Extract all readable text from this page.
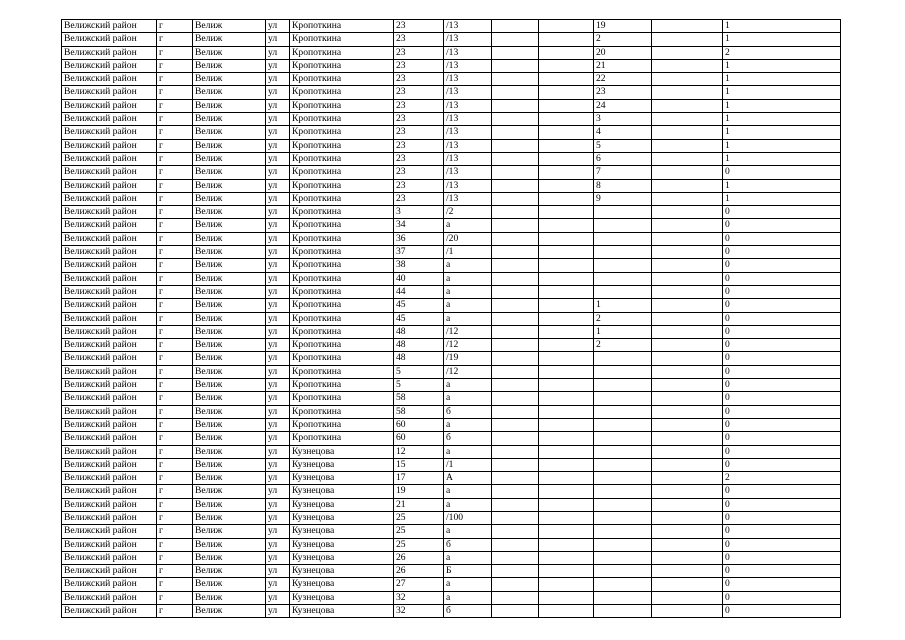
Велижский район	г	Велиж	ул	Кропоткина	23	/13			19		1
Велижский район	г	Велиж	ул	Кропоткина	23	/13			2		1
Велижский район	г	Велиж	ул	Кропоткина	23	/13			20		2
Велижский район	г	Велиж	ул	Кропоткина	23	/13			21		1
Велижский район	г	Велиж	ул	Кропоткина	23	/13			22		1
Велижский район	г	Велиж	ул	Кропоткина	23	/13			23		1
Велижский район	г	Велиж	ул	Кропоткина	23	/13			24		1
Велижский район	г	Велиж	ул	Кропоткина	23	/13			3		1
Велижский район	г	Велиж	ул	Кропоткина	23	/13			4		1
Велижский район	г	Велиж	ул	Кропоткина	23	/13			5		1
Велижский район	г	Велиж	ул	Кропоткина	23	/13			6		1
Велижский район	г	Велиж	ул	Кропоткина	23	/13			7		0
Велижский район	г	Велиж	ул	Кропоткина	23	/13			8		1
Велижский район	г	Велиж	ул	Кропоткина	23	/13			9		1
Велижский район	г	Велиж	ул	Кропоткина	3	/2					0
Велижский район	г	Велиж	ул	Кропоткина	34	а					0
Велижский район	г	Велиж	ул	Кропоткина	36	/20					0
Велижский район	г	Велиж	ул	Кропоткина	37	/1					0
Велижский район	г	Велиж	ул	Кропоткина	38	а					0
Велижский район	г	Велиж	ул	Кропоткина	40	а					0
Велижский район	г	Велиж	ул	Кропоткина	44	а					0
Велижский район	г	Велиж	ул	Кропоткина	45	а			1		0
Велижский район	г	Велиж	ул	Кропоткина	45	а			2		0
Велижский район	г	Велиж	ул	Кропоткина	48	/12			1		0
Велижский район	г	Велиж	ул	Кропоткина	48	/12			2		0
Велижский район	г	Велиж	ул	Кропоткина	48	/19					0
Велижский район	г	Велиж	ул	Кропоткина	5	/12					0
Велижский район	г	Велиж	ул	Кропоткина	5	а					0
Велижский район	г	Велиж	ул	Кропоткина	58	а					0
Велижский район	г	Велиж	ул	Кропоткина	58	б					0
Велижский район	г	Велиж	ул	Кропоткина	60	а					0
Велижский район	г	Велиж	ул	Кропоткина	60	б					0
Велижский район	г	Велиж	ул	Кузнецова	12	а					0
Велижский район	г	Велиж	ул	Кузнецова	15	/1					0
Велижский район	г	Велиж	ул	Кузнецова	17	А					2
Велижский район	г	Велиж	ул	Кузнецова	19	а					0
Велижский район	г	Велиж	ул	Кузнецова	21	а					0
Велижский район	г	Велиж	ул	Кузнецова	25	/100					0
Велижский район	г	Велиж	ул	Кузнецова	25	а					0
Велижский район	г	Велиж	ул	Кузнецова	25	б					0
Велижский район	г	Велиж	ул	Кузнецова	26	а					0
Велижский район	г	Велиж	ул	Кузнецова	26	Б					0
Велижский район	г	Велиж	ул	Кузнецова	27	а					0
Велижский район	г	Велиж	ул	Кузнецова	32	а					0
Велижский район	г	Велиж	ул	Кузнецова	32	б					0
